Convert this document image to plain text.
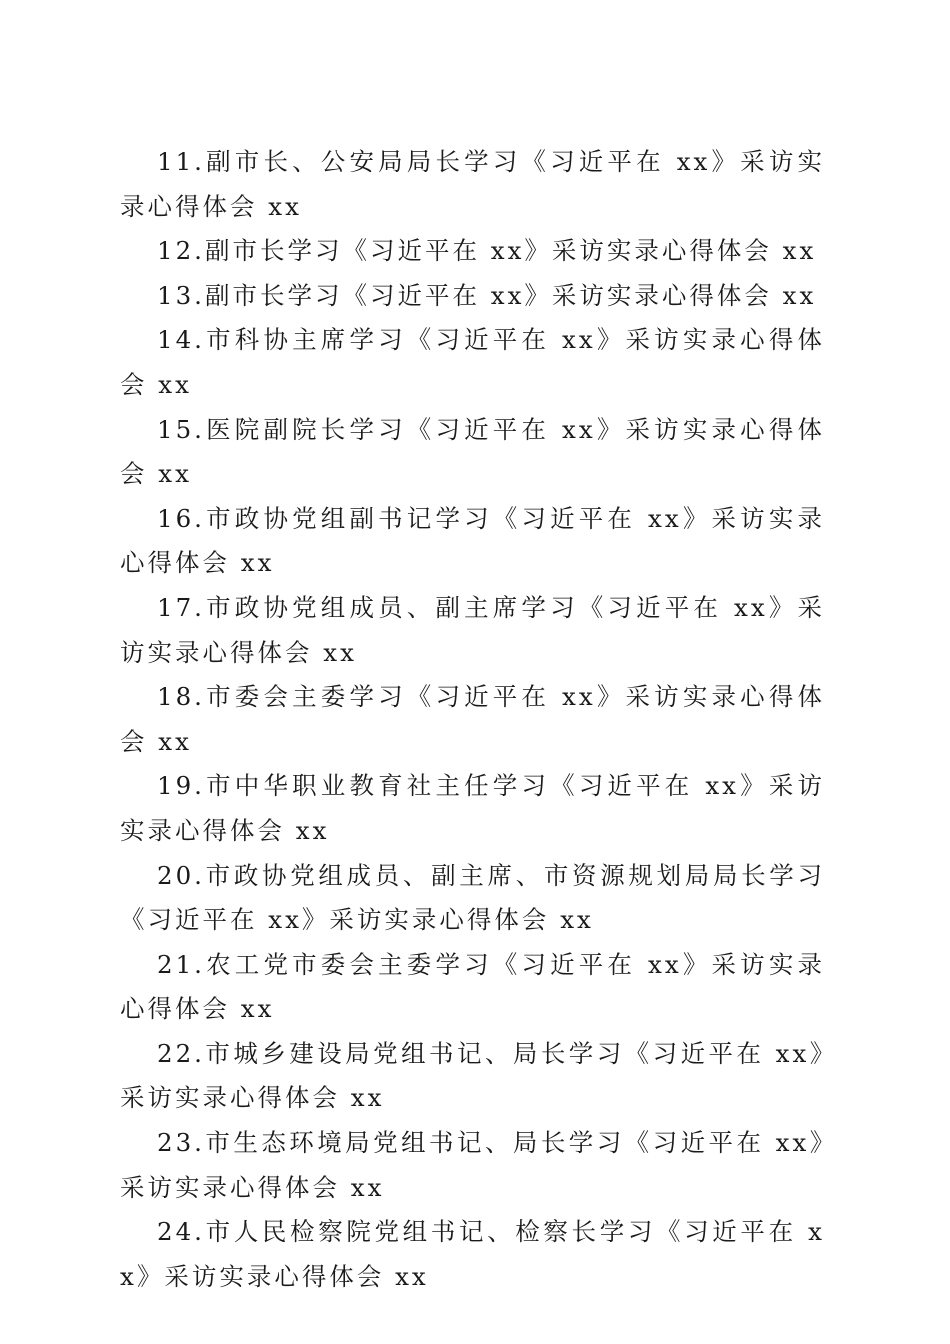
11.副市长、公安局局长学习《习近平在 xx》采访实录心得体会 xx
12.副市长学习《习近平在 xx》采访实录心得体会 xx
13.副市长学习《习近平在 xx》采访实录心得体会 xx
14.市科协主席学习《习近平在 xx》采访实录心得体会 xx
15.医院副院长学习《习近平在 xx》采访实录心得体会 xx
16.市政协党组副书记学习《习近平在 xx》采访实录心得体会 xx
17.市政协党组成员、副主席学习《习近平在 xx》采访实录心得体会 xx
18.市委会主委学习《习近平在 xx》采访实录心得体会 xx
19.市中华职业教育社主任学习《习近平在 xx》采访实录心得体会 xx
20.市政协党组成员、副主席、市资源规划局局长学习《习近平在 xx》采访实录心得体会 xx
21.农工党市委会主委学习《习近平在 xx》采访实录心得体会 xx
22.市城乡建设局党组书记、局长学习《习近平在 xx》采访实录心得体会 xx
23.市生态环境局党组书记、局长学习《习近平在 xx》采访实录心得体会 xx
24.市人民检察院党组书记、检察长学习《习近平在 xx》采访实录心得体会 xx
